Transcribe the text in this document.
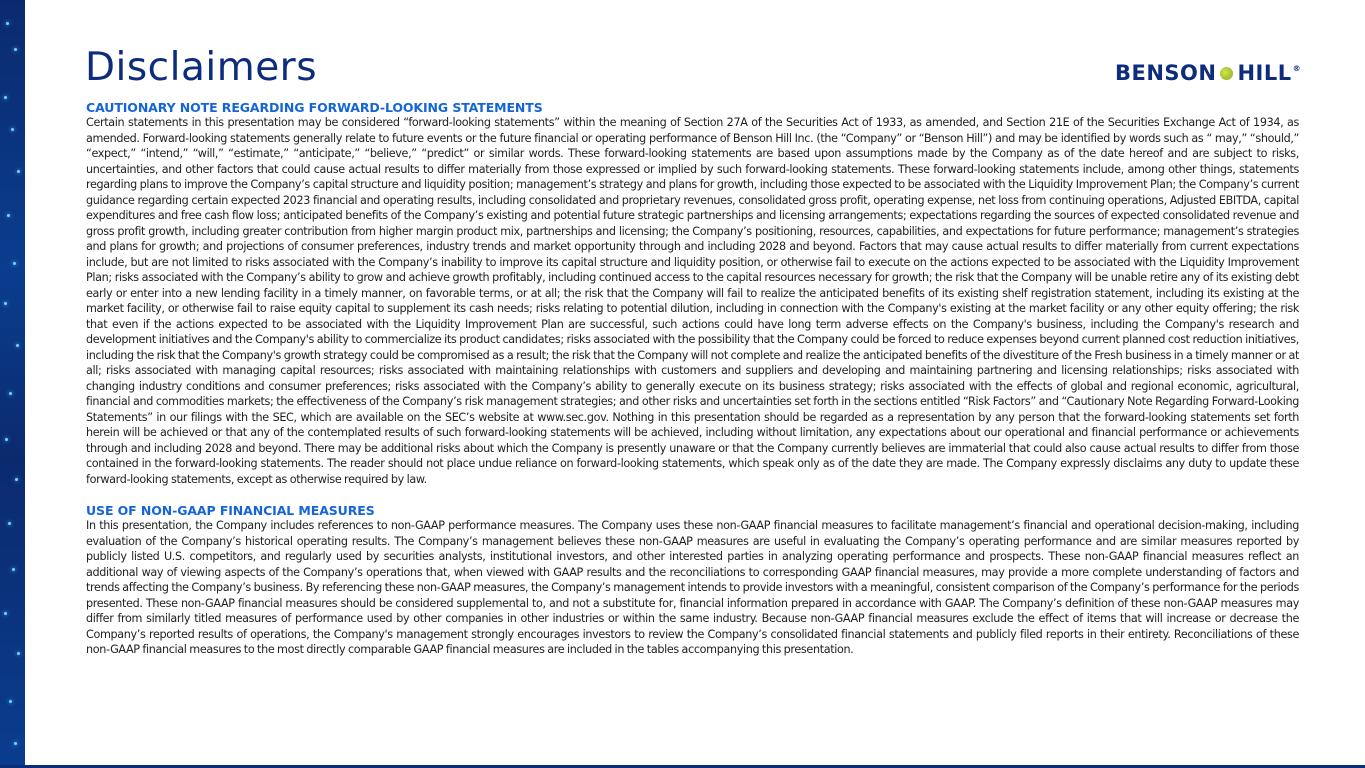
Disclaimers	BENSON HILL ®
CAUTIONARY NOTE REGARDING FORWARD-LOOKING STATEMENTS

Certain statements in this presentation may be considered “forward-looking statements” within the meaning of Section 27A of the Securities Act of 1933, as amended, and Section 21E of the Securities Exchange Act of 1934, as amended. Forward-looking statements generally relate to future events or the future financial or operating performance of Benson Hill Inc. (the “Company” or “Benson Hill”) and may be identified by words such as “ may,” “should,” “expect,” “intend,” “will,” “estimate,” “anticipate,” “believe,” “predict” or similar words. These forward-looking statements are based upon assumptions made by the Company as of the date hereof and are subject to risks, uncertainties, and other factors that could cause actual results to differ materially from those expressed or implied by such forward-looking statements. These forward-looking statements include, among other things, statements regarding plans to improve the Company’s capital structure and liquidity position; management’s strategy and plans for growth, including those expected to be associated with the Liquidity Improvement Plan; the Company’s current guidance regarding certain expected 2023 financial and operating results, including consolidated and proprietary revenues, consolidated gross profit, operating expense, net loss from continuing operations, Adjusted EBITDA, capital expenditures and free cash flow loss; anticipated benefits of the Company’s existing and potential future strategic partnerships and licensing arrangements; expectations regarding the sources of expected consolidated revenue and gross profit growth, including greater contribution from higher margin product mix, partnerships and licensing; the Company’s positioning, resources, capabilities, and expectations for future performance; management’s strategies and plans for growth; and projections of consumer preferences, industry trends and market opportunity through and including 2028 and beyond. Factors that may cause actual results to differ materially from current expectations include, but are not limited to risks associated with the Company’s inability to improve its capital structure and liquidity position, or otherwise fail to execute on the actions expected to be associated with the Liquidity Improvement Plan; risks associated with the Company’s ability to grow and achieve growth profitably, including continued access to the capital resources necessary for growth; the risk that the Company will be unable retire any of its existing debt early or enter into a new lending facility in a timely manner, on favorable terms, or at all; the risk that the Company will fail to realize the anticipated benefits of its existing shelf registration statement, including its existing at the market facility, or otherwise fail to raise equity capital to supplement its cash needs; risks relating to potential dilution, including in connection with the Company's existing at the market facility or any other equity offering; the risk that even if the actions expected to be associated with the Liquidity Improvement Plan are successful, such actions could have long term adverse effects on the Company's business, including the Company's research and development initiatives and the Company's ability to commercialize its product candidates; risks associated with the possibility that the Company could be forced to reduce expenses beyond current planned cost reduction initiatives, including the risk that the Company's growth strategy could be compromised as a result; the risk that the Company will not complete and realize the anticipated benefits of the divestiture of the Fresh business in a timely manner or at all; risks associated with managing capital resources; risks associated with maintaining relationships with customers and suppliers and developing and maintaining partnering and licensing relationships; risks associated with changing industry conditions and consumer preferences; risks associated with the Company’s ability to generally execute on its business strategy; risks associated with the effects of global and regional economic, agricultural, financial and commodities markets; the effectiveness of the Company’s risk management strategies; and other risks and uncertainties set forth in the sections entitled “Risk Factors” and “Cautionary Note Regarding Forward-Looking Statements” in our filings with the SEC, which are available on the SEC’s website at www.sec.gov. Nothing in this presentation should be regarded as a representation by any person that the forward-looking statements set forth herein will be achieved or that any of the contemplated results of such forward-looking statements will be achieved, including without limitation, any expectations about our operational and financial performance or achievements through and including 2028 and beyond. There may be additional risks about which the Company is presently unaware or that the Company currently believes are immaterial that could also cause actual results to differ from those contained in the forward-looking statements. The reader should not place undue reliance on forward-looking statements, which speak only as of the date they are made. The Company expressly disclaims any duty to update these forward-looking statements, except as otherwise required by law.

USE OF NON-GAAP FINANCIAL MEASURES

In this presentation, the Company includes references to non-GAAP performance measures. The Company uses these non-GAAP financial measures to facilitate management’s financial and operational decision-making, including evaluation of the Company’s historical operating results. The Company’s management believes these non-GAAP measures are useful in evaluating the Company’s operating performance and are similar measures reported by publicly listed U.S. competitors, and regularly used by securities analysts, institutional investors, and other interested parties in analyzing operating performance and prospects. These non-GAAP financial measures reflect an additional way of viewing aspects of the Company’s operations that, when viewed with GAAP results and the reconciliations to corresponding GAAP financial measures, may provide a more complete understanding of factors and trends affecting the Company’s business. By referencing these non-GAAP measures, the Company’s management intends to provide investors with a meaningful, consistent comparison of the Company’s performance for the periods presented. These non-GAAP financial measures should be considered supplemental to, and not a substitute for, financial information prepared in accordance with GAAP. The Company’s definition of these non-GAAP measures may differ from similarly titled measures of performance used by other companies in other industries or within the same industry. Because non-GAAP financial measures exclude the effect of items that will increase or decrease the Company’s reported results of operations, the Company's management strongly encourages investors to review the Company’s consolidated financial statements and publicly filed reports in their entirety. Reconciliations of these non-GAAP financial measures to the most directly comparable GAAP financial measures are included in the tables accompanying this presentation.
